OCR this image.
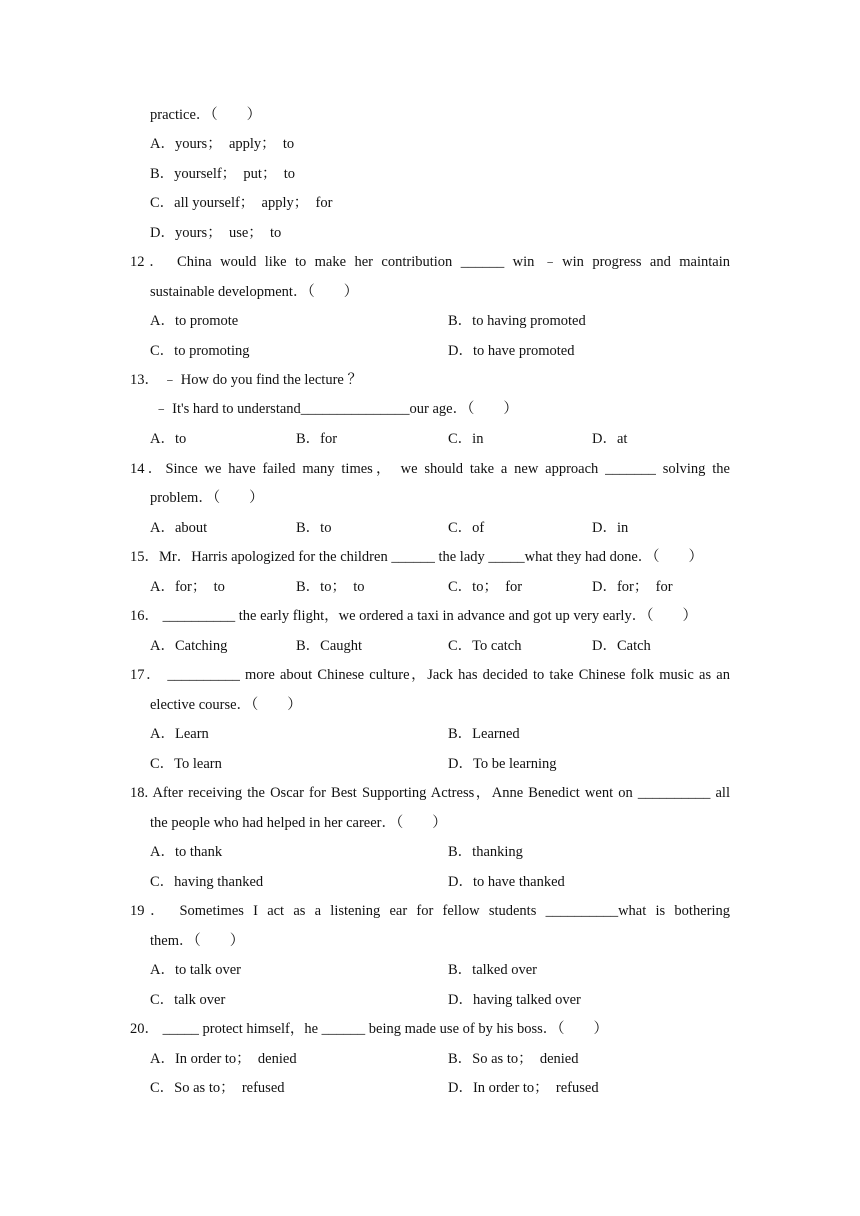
practice．（　　）
A．yours；  apply；  to
B．yourself；  put；  to
C．all yourself；  apply；  for
D．yours；  use；  to
12． China would like to make her contribution ______ win ﹣win progress and maintain
sustainable development．（　　）
A．to promote	B．to having promoted
C．to promoting	D．to have promoted
13． ﹣ How do you find the lecture ？
﹣ It's hard to understand_______________our age．（　　）
A．to	B．for	C．in	D．at
14．Since we have failed many times， we should take a new approach _______ solving the
problem．（　　）
A．about	B．to	C．of	D．in
15．Mr．Harris apologized for the children ______ the lady _____what they had done．（　　）
A．for；  to	B．to；  to	C．to；  for	D．for；  for
16． __________ the early flight，we ordered a taxi in advance and got up very early．（　　）
A．Catching	B．Caught	C．To catch	D．Catch
17． __________ more about Chinese culture，Jack has decided to take Chinese folk music as an
elective course．（　　）
A．Learn	B．Learned
C．To learn	D．To be learning
18. After receiving the Oscar for Best Supporting Actress，Anne Benedict went on __________ all
the people who had helped in her career．（　　）
A．to thank	B．thanking
C．having thanked	D．to have thanked
19． Sometimes I act as a listening ear for fellow students __________what is bothering
them．（　　）
A．to talk over	B．talked over
C．talk over	D．having talked over
20． _____ protect himself，he ______ being made use of by his boss．（　　）
A．In order to；  denied	B．So as to；  denied
C．So as to；  refused	D．In order to；  refused
